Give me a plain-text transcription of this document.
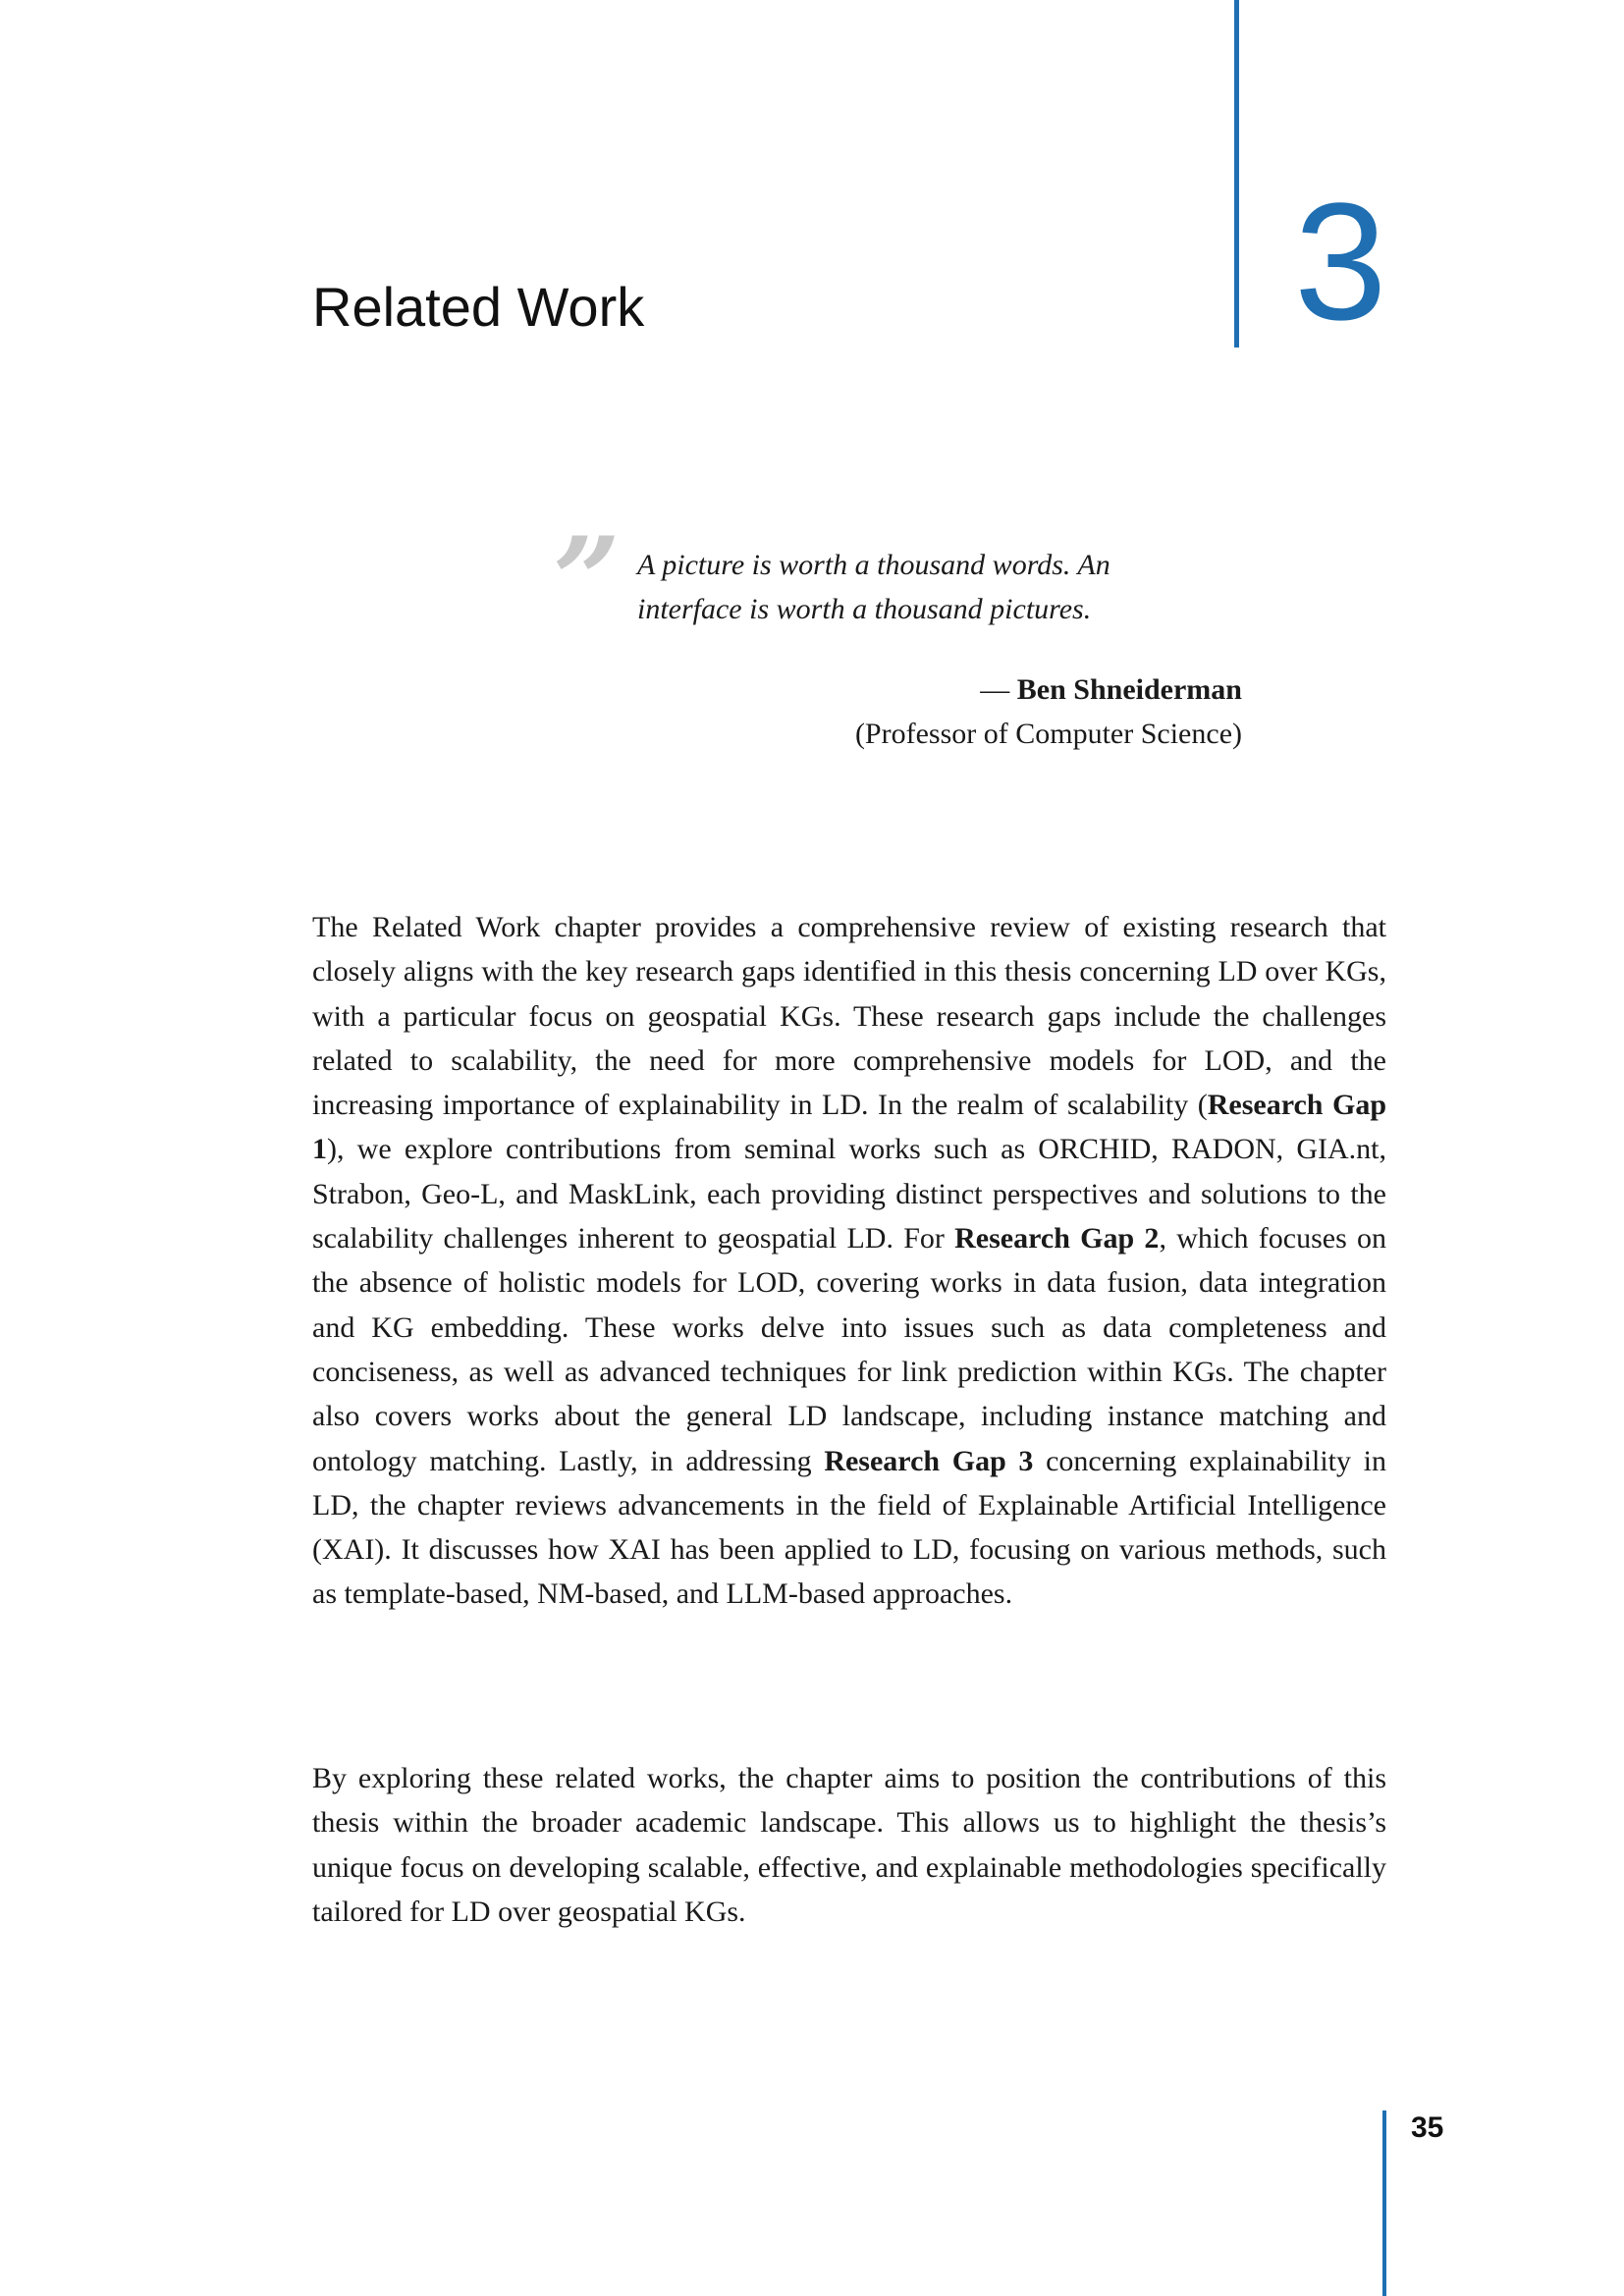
3
Related Work
” A picture is worth a thousand words. An interface is worth a thousand pictures.
— Ben Shneiderman
(Professor of Computer Science)

The Related Work chapter provides a comprehensive review of existing research that closely aligns with the key research gaps identified in this thesis concerning LD over KGs, with a particular focus on geospatial KGs. These research gaps include the challenges related to scalability, the need for more comprehensive models for LOD, and the increasing importance of explainability in LD. In the realm of scalability (Research Gap 1), we explore contributions from seminal works such as ORCHID, RADON, GIA.nt, Strabon, Geo-L, and MaskLink, each providing distinct perspectives and solutions to the scalability challenges inherent to geospatial LD. For Research Gap 2, which focuses on the absence of holistic models for LOD, covering works in data fusion, data integration and KG embedding. These works delve into issues such as data completeness and conciseness, as well as advanced techniques for link prediction within KGs. The chapter also covers works about the general LD landscape, including instance matching and ontology matching. Lastly, in addressing Research Gap 3 concerning explainability in LD, the chapter reviews advancements in the field of Explainable Artificial Intelligence (XAI). It discusses how XAI has been applied to LD, focusing on various methods, such as template-based, NM-based, and LLM-based approaches.

By exploring these related works, the chapter aims to position the contributions of this thesis within the broader academic landscape. This allows us to highlight the thesis’s unique focus on developing scalable, effective, and explainable methodologies specifically tailored for LD over geospatial KGs.

35
